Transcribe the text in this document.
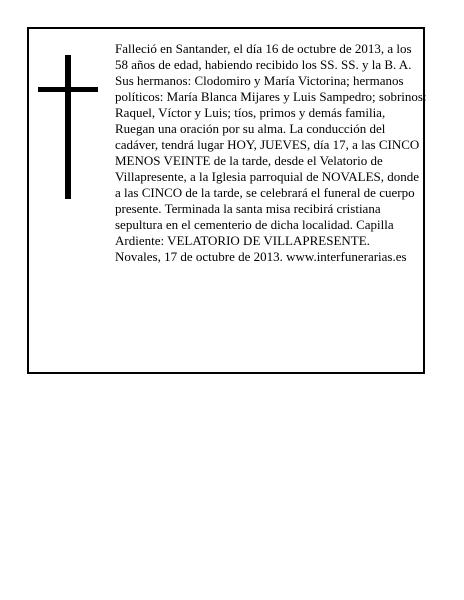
Falleció en Santander, el día 16 de octubre de 2013, a los 58 años de edad, habiendo recibido los SS. SS. y la B. A.

Sus hermanos: Clodomiro y María Victorina; hermanos políticos: María Blanca Mijares y Luis Sampedro; sobrinos: Raquel, Víctor y Luis; tíos, primos y demás familia,

Ruegan una oración por su alma. La conducción del cadáver, tendrá lugar HOY, JUEVES, día 17, a las CINCO MENOS VEINTE de la tarde, desde el Velatorio de Villapresente, a la Iglesia parroquial de NOVALES, donde a las CINCO de la tarde, se celebrará el funeral de cuerpo presente. Terminada la santa misa recibirá cristiana sepultura en el cementerio de dicha localidad. Capilla Ardiente: VELATORIO DE VILLAPRESENTE.

Novales, 17 de octubre de 2013. www.interfunerarias.es
